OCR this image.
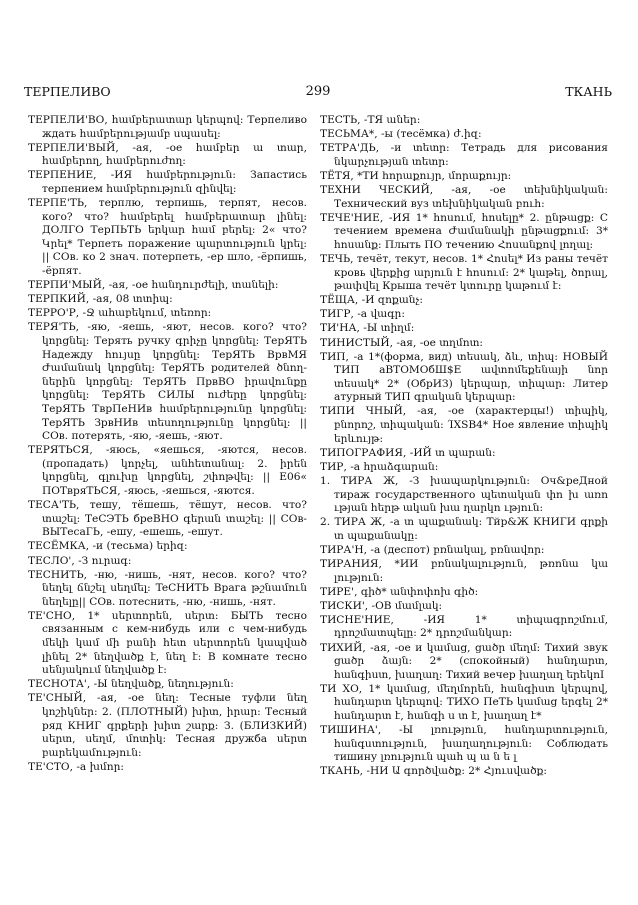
ТЕРПЕЛИВО	299	ТКАНЬ
ТЕРПЕЛИ'ВО, համբերատար կերպով: Терпеливо ждать համբերությամբ սպասել:
ТЕРПЕЛИ'ВЫЙ, -ая, -ое համբեր ա տար, համբերող, համբերուժող:
ТЕРПЕНИЕ, -ИЯ համբերություն: Запастись терпением համբերություն զինվել:
ТЕРПЕ'ТЬ, терплю, терпишь, терпят, несов. кого? что? համբերել համբերատար լինել: ДОЛГО ТерПЬТЬ երկար համ բերել: 2« что? Կրել* Терпеть поражение պարտություն կրել: || СОв. ко 2 знач. потерпеть, -ер шло, -ёрпишь, -ёрпят.
ТЕРПИ'МЫЙ, -ая, -ое հանդուրժելի, տանելի:
ТЕРПКИЙ, -ая, 08 տտիպ:
ТЕРРО'Р, -Ջ ահաբեկում, տեռոր:
ТЕРЯ'ТЬ, -яю, -яешь, -яют, несов. кого? что? կորցնել: Терять ручку գրիչը կորցնել: ТерЯТЬ Надежду հույսը կորցնել: ТерЯТЬ ВрвМЯ Ժամանակ կորցնել: ТерЯТЬ родителей ծնողներին կորցնել: ТерЯТЬ ПрвВО իրավունքը կորցնել: ТерЯТЬ СИЛЫ ուժերը կորցնել: ТерЯТЬ ТврПеНИв համբերությունը կորցնել: ТерЯТЬ ЗрвНИв տեսողությունը կորցնել: || СОв. потерять, -яю, -яешь, -яют.
ТЕРЯТЬСЯ, -яюсь, «яешься, -яются, несов. (пропадать) կորչել, անհետանալ: 2. իրեն կորցնել, գլուխը կորցնել, շփոթվել: || Е06« ПОТвряТЬСЯ, -яюсь, -яешься, -яются.
ТЕСА'ТЬ, тешу, тёшешь, тёшут, несов. что? տաշել: ТеСЭТЬ бреВНО գերան տաշել: || СОв- ВЫТесаГЬ, -ешу, -ешешь, -ешут.
ТЕСЁМКА, -и (тесьма) երիզ:
ТЕСЛО', -З ուրագ:
ТЕСНИТЬ, -ню, -нишь, -нят, несов. кого? что? նեղել ճնշել սեղմել: TeCНИТЬ Врага թշնամուն նեղելը|| СОв. потеснить, -ню, -нишь, -нят.
ТЕ'СНО, 1* սերտորեն, սերտ: БЫТЬ тесно связанным с кем-нибудь или с чем-нибудь մեկի կամ մի բանի հետ սերտորեն կապված լինել 2* նեղվածք է, նեղ է: В комнате тесно սենյակում նեղվածք է:
ТЕСНОТА', -Ы նեղվածք, նեղություն:
ТЕ'СНЫЙ, -ая, -ое նեղ: Тесные туфли նեղ կոշիկներ: 2. (ПЛОТНЫЙ) խիտ, իրար: Тесный ряд КНИГ գրքերի խիտ շարք: З. (БЛИЗКИЙ) սերտ, սեղմ, մոտիկ: Тесная дружба սերտ բարեկամություն:
ТЕ'СТО, -а խմոր:
ТЕСТЬ, -ТЯ աներ:
ТЕСЬМА*, -ы (тесёмка) ժ.իզ:
ТЕТРА'ДЬ, -и տետր: Тетрадь для рисования նկարչության տետր:
ТЁТЯ, *ТИ hորաքույր, մորաքույր:
ТЕХНИ ЧЕСКИЙ, -ая, -ое տեխնիկական: Технический вуз տեխնիկական բուհ:
ТЕЧЕ'НИЕ, -ИЯ 1* հոսում, հոսելը* 2. ընթացք: С течением времена Ժամանակի ընթացքում: 3* հոսանք: Плыть ПО течению Հոսանքով լողալ:
ТЕЧЬ, течёт, текут, несов. 1* Հոսել* Из раны течёт кровь վերքից արյուն է հոսում: 2* կաթել, ծորալ, թափվել Крыша течёт կտուրը կաթում է:
ТЁЩА, -И զոքանչ:
ТИГР, -а վագր:
ТИ'НА, -Ы տիղմ:
ТИНИСТЫЙ, -ая, -ое տղմոտ:
ТИП, -а 1*(форма, вид) տեսակ, ձև, տիպ: НОВЫЙ ТИП аВТОМОбШ$Е ավտոմեքենայի նոր տեսակ* 2* (ОбрИЗ) կերպար, տիպար: Литер атурный ТИП գրական կերպար:
ТИПИ ЧНЫЙ, -ая, -ое (характерцы!) տիպիկ, բնորոշ, տիպական: ΊXSB4* Ное явление տիպիկ երևույթ:
ТИПОГРАФИЯ, -ИЙ տ պարան:
ТИР, -а հրաձգարան:
1. ТИРА Ж, -З խապարկություն: Оч&рeДной тираж государственного պետական փո խ առո ւթյան հերթ ական խա ղարկո ւթյուն:
2. ТИРА Ж, -а տ պաքանակ: Тйр&Ж КНИГИ գրքի տ պաքանակը:
ТИРА'Н, -а (деспот) բռնակալ, բռնավոր:
ТИРАНИЯ, *ИИ բռնակալություն, թռոնա կա լություն:
ТИРЕ', գիծ* անփոփոխ գիծ:
ТИСКИ', -ОВ մամլակ:
ТИСНЕ'НИЕ, -ИЯ 1* տիպագրոշմում, դրոշմատպելը: 2* դրոշմանկար:
ТИХИЙ, -ая, -ое и կամաց, ցածր մեղմ: Тихий звук ցածր ձայն: 2* (спокойный) հանդարտ, հանգիստ, խաղաղ: Тихий вечер խաղաղ երեկոI
ТИ ХО, 1* կամաց, մեղմորեն, հանգիստ կերպով, հանդարտ կերպով: ТИХО ПеТЬ կամաց երգել 2* հանդարտ է, հանգի ս տ է, խաղաղ է*
ТИШИНА', -Ы լռություն, հանդարտություն, հանգստություն, խաղաղություն: Соблюдать тишину լռություն պահ պ ա ն ե լ
ТКАНЬ, -НИ Ա գործվածք: 2* Հյուսվածք:
